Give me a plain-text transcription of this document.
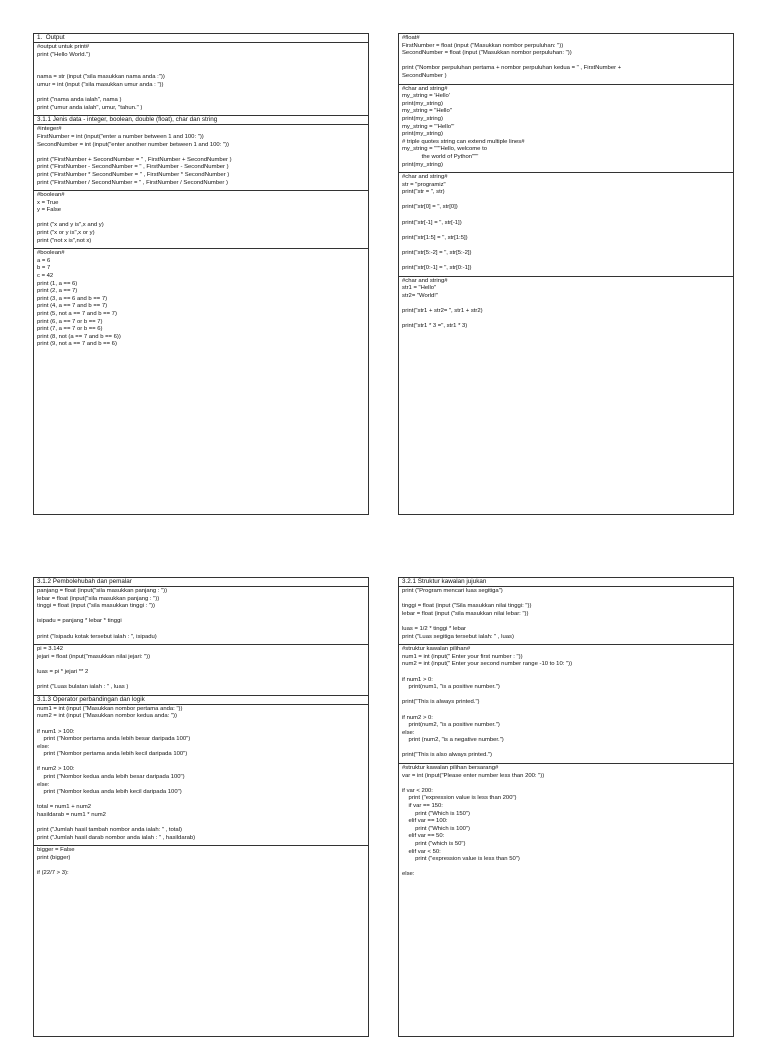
1.  Output
#output untuk print#
print ("Hello World.")
nama = str (input ("sila masukkan nama anda :"))
umur = int (input ("sila masukkan umur anda : "))
print ("nama anda ialah", nama )
print ("umur anda ialah", umur, "tahun." )
3.1.1 Jenis data - integer, boolean, double (float), char dan string
#integer#
FirstNumber = int (input("enter a number between 1 and 100: "))
SecondNumber = int (input("enter another number between 1 and 100: "))
print ("FirstNumber + SecondNumber = " , FirstNumber + SecondNumber )
print ("FirstNumber - SecondNumber = " , FirstNumber - SecondNumber )
print ("FirstNumber * SecondNumber = " , FirstNumber * SecondNumber )
print ("FirstNumber / SecondNumber = " , FirstNumber / SecondNumber )
#boolean#
x = True
y = False
print ("x and y is",x and y)
print ("x or y is",x or y)
print ("not x is",not x)
#boolean#
a = 6
b = 7
c = 42
print (1, a == 6)
print (2, a == 7)
print (3, a == 6 and b == 7)
print (4, a == 7 and b == 7)
print (5, not a == 7 and b == 7)
print (6, a == 7 or b == 7)
print (7, a == 7 or b == 6)
print (8, not (a == 7 and b == 6))
print (9, not a == 7 and b == 6)
#float#
FirstNumber = float (input ("Masukkan nombor perpuluhan: "))
SecondNumber = float (input ("Masukkan nombor perpuluhan: "))
print ("Nombor perpuluhan pertama + nombor perpuluhan kedua = " , FirstNumber +
SecondNumber )
#char and string#
my_string = 'Hello'
print(my_string)
my_string = "Hello"
print(my_string)
my_string = '''Hello'''
print(my_string)
# triple quotes string can extend multiple lines#
my_string = """Hello, welcome to
the world of Python"""
print(my_string)
#char and string#
str = "programiz"
print("str = ", str)
print("str[0] = ", str[0])
print("str[-1] = ", str[-1])
print("str[1:5] = ", str[1:5])
print("str[5:-2] = ", str[5:-2])
print("str[0:-1] = ", str[0:-1])
#char and string#
str1 = "Hello"
str2= "World!"
print("str1 + str2= ", str1 + str2)
print("str1 * 3 =", str1 * 3)
3.1.2 Pembolehubah dan pemalar
panjang = float (input("sila masukkan panjang : "))
lebar = float (input("sila masukkan panjang : "))
tinggi = float (input ("sila masukkan tinggi : "))
isipadu = panjang * lebar * tinggi
print ("Isipadu kotak tersebut ialah : ", isipadu)
pi = 3.142
jejari = float (input("masukkan nilai jejari: "))
luas = pi * jejari ** 2
print ("Luas bulatan ialah : " , luas )
3.1.3 Operator perbandingan dan logik
num1 = int (input ("Masukkan nombor pertama anda: "))
num2 = int (input ("Masukkan nombor kedua anda: "))
if num1 > 100:
print ("Nombor pertama anda lebih besar daripada 100")
else:
print ("Nombor pertama anda lebih kecil daripada 100")
if num2 > 100:
print ("Nombor kedua anda lebih besar daripada 100")
else:
print ("Nombor kedua anda lebih kecil daripada 100")
total = num1 + num2
hasildarab = num1 * num2
print ("Jumlah hasil tambah nombor anda ialah: " , total)
print ("Jumlah hasil darab nombor anda ialah : " , hasildarab)
bigger = False
print (bigger)
if (22/7 > 3):
3.2.1 Struktur kawalan jujukan
print ("Program mencari luas segitiga")
tinggi = float (input ("Sila masukkan nilai tinggi: "))
lebar = float (input ("sila masukkan nilai lebar: "))
luas = 1/2 * tinggi * lebar
print ("Luas segitiga tersebut ialah: " , luas)
#struktur kawalan pilihan#
num1 = int (input(" Enter your first number : "))
num2 = int (input(" Enter your second number range -10 to 10: "))
if num1 > 0:
print(num1, "is a positive number.")
print("This is always printed.")
if num2 > 0:
print(num2, "is a positive number.")
else:
print (num2, "is a negative number.")
print("This is also always printed.")
#struktur kawalan pilihan bersarang#
var = int (input("Please enter number less than 200: "))
if var < 200:
print ("expression value is less than 200")
if var == 150:
print ("Which is 150")
elif var == 100:
print ("Which is 100")
elif var == 50:
print ("which is 50")
elif var < 50:
print ("expression value is less than 50")
else:
